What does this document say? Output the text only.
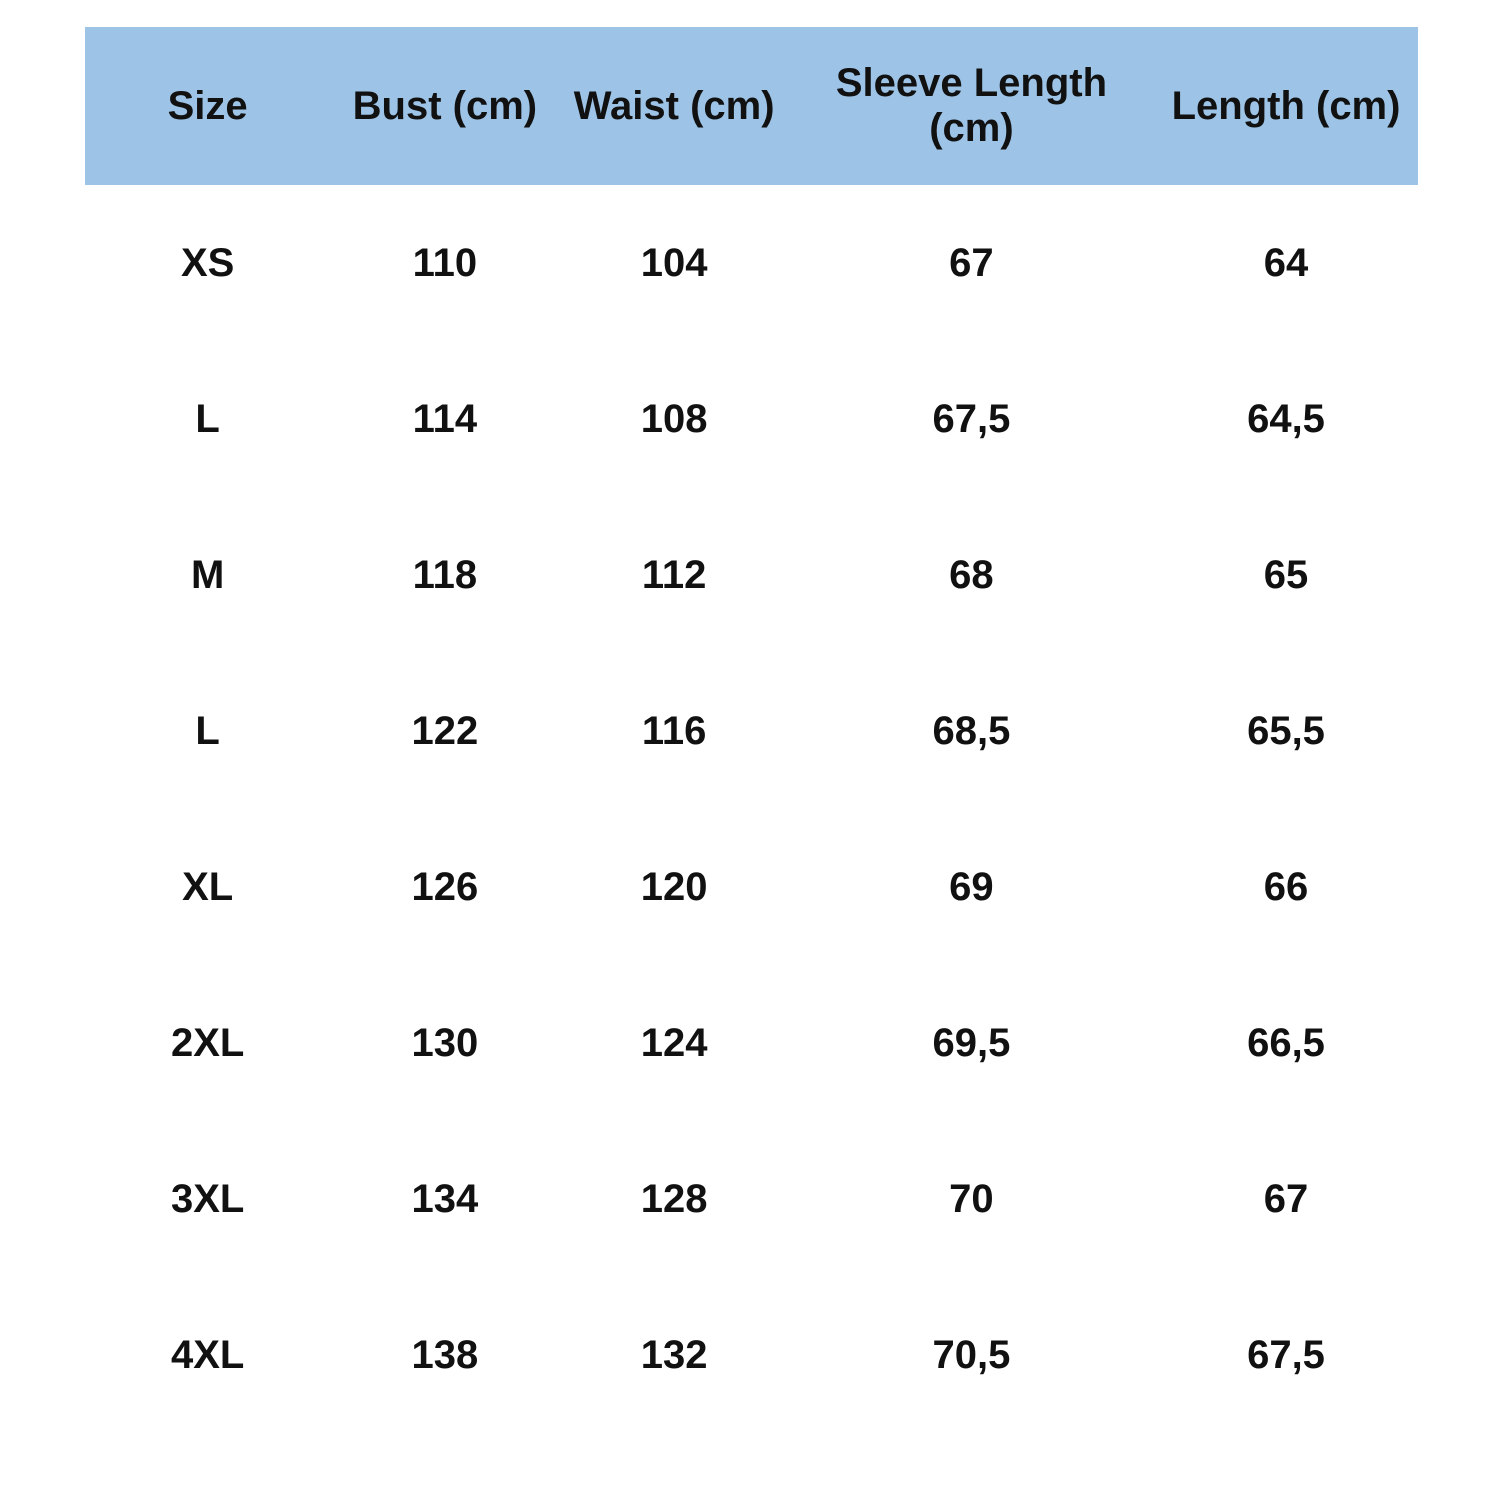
Size	Bust (cm)	Waist (cm)	Sleeve Length (cm)	Length (cm)
XS	110	104	67	64
L	114	108	67,5	64,5
M	118	112	68	65
L	122	116	68,5	65,5
XL	126	120	69	66
2XL	130	124	69,5	66,5
3XL	134	128	70	67
4XL	138	132	70,5	67,5
